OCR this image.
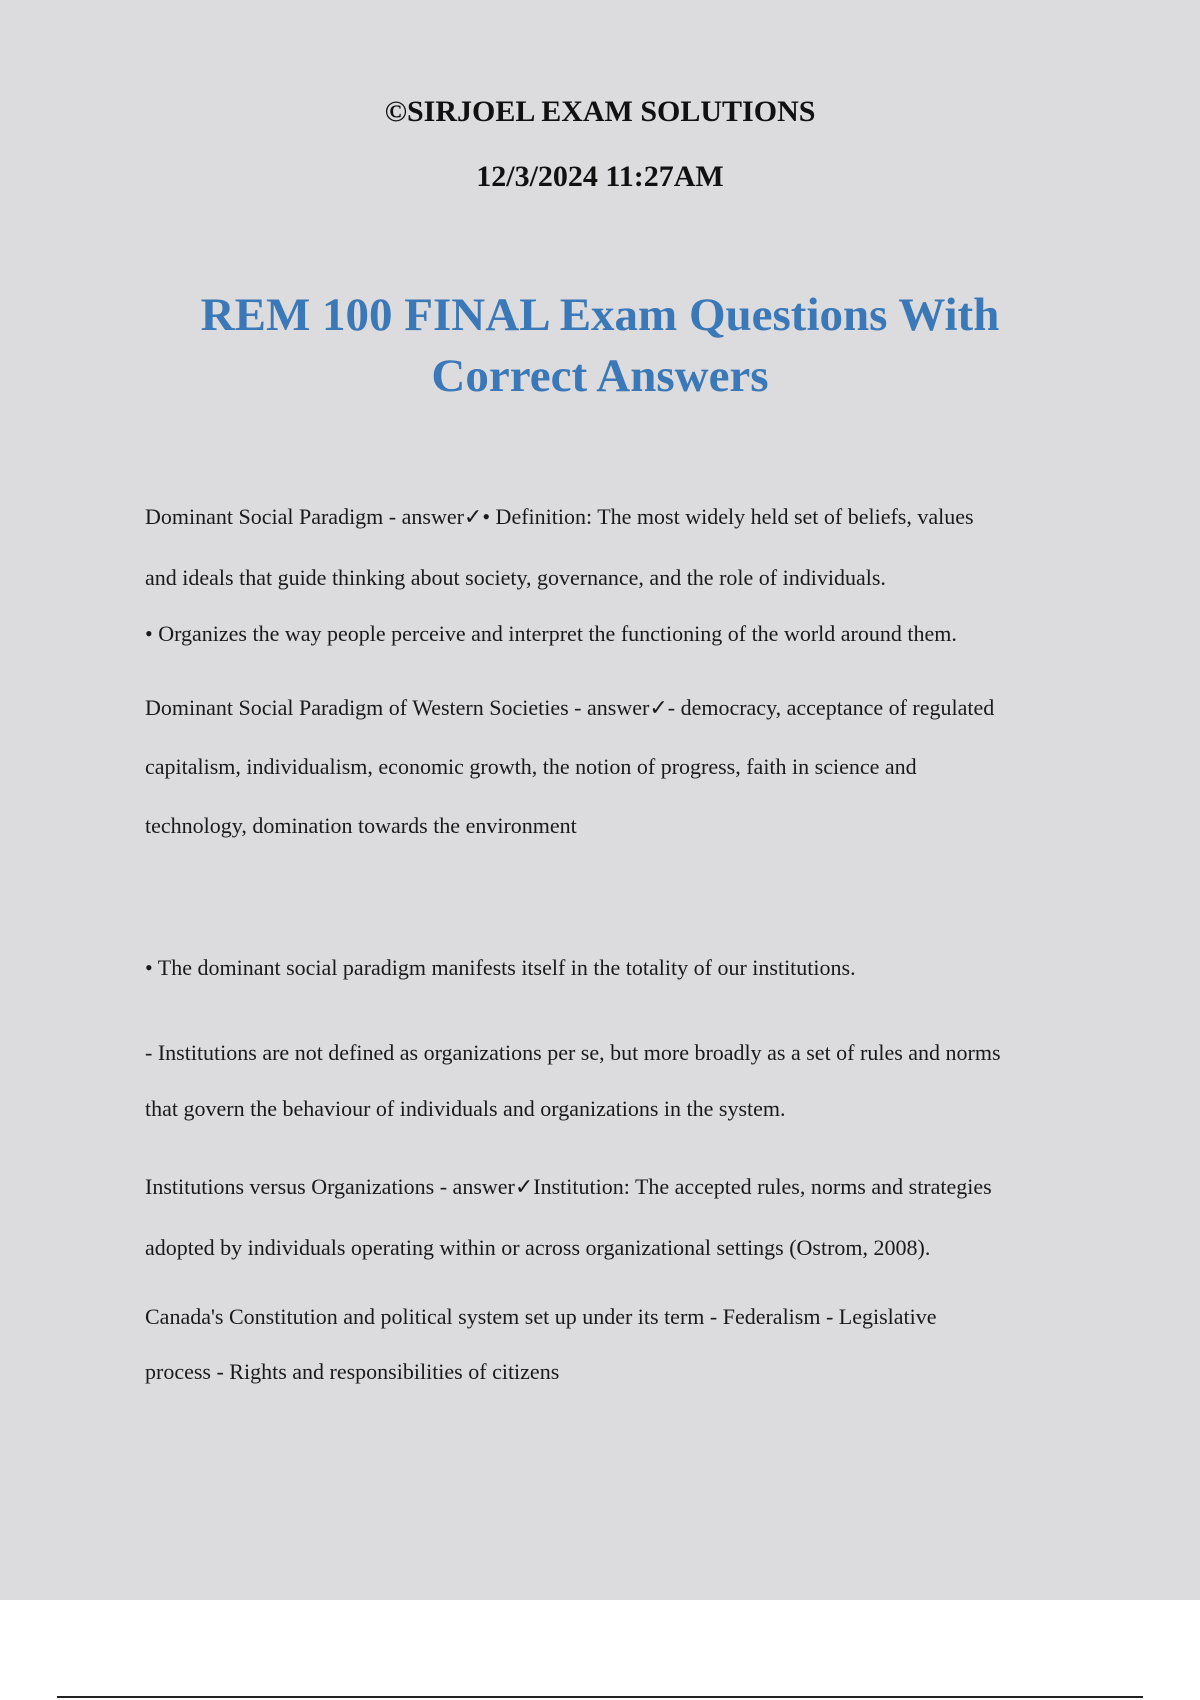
©SIRJOEL EXAM SOLUTIONS

12/3/2024 11:27AM

REM 100 FINAL Exam Questions With
Correct Answers

Dominant Social Paradigm - answer✓• Definition: The most widely held set of beliefs, values
and ideals that guide thinking about society, governance, and the role of individuals.

• Organizes the way people perceive and interpret the functioning of the world around them.

Dominant Social Paradigm of Western Societies - answer✓- democracy, acceptance of regulated
capitalism, individualism, economic growth, the notion of progress, faith in science and
technology, domination towards the environment

• The dominant social paradigm manifests itself in the totality of our institutions.

- Institutions are not defined as organizations per se, but more broadly as a set of rules and norms
that govern the behaviour of individuals and organizations in the system.

Institutions versus Organizations - answer✓Institution: The accepted rules, norms and strategies
adopted by individuals operating within or across organizational settings (Ostrom, 2008).

Canada's Constitution and political system set up under its term - Federalism - Legislative
process - Rights and responsibilities of citizens
